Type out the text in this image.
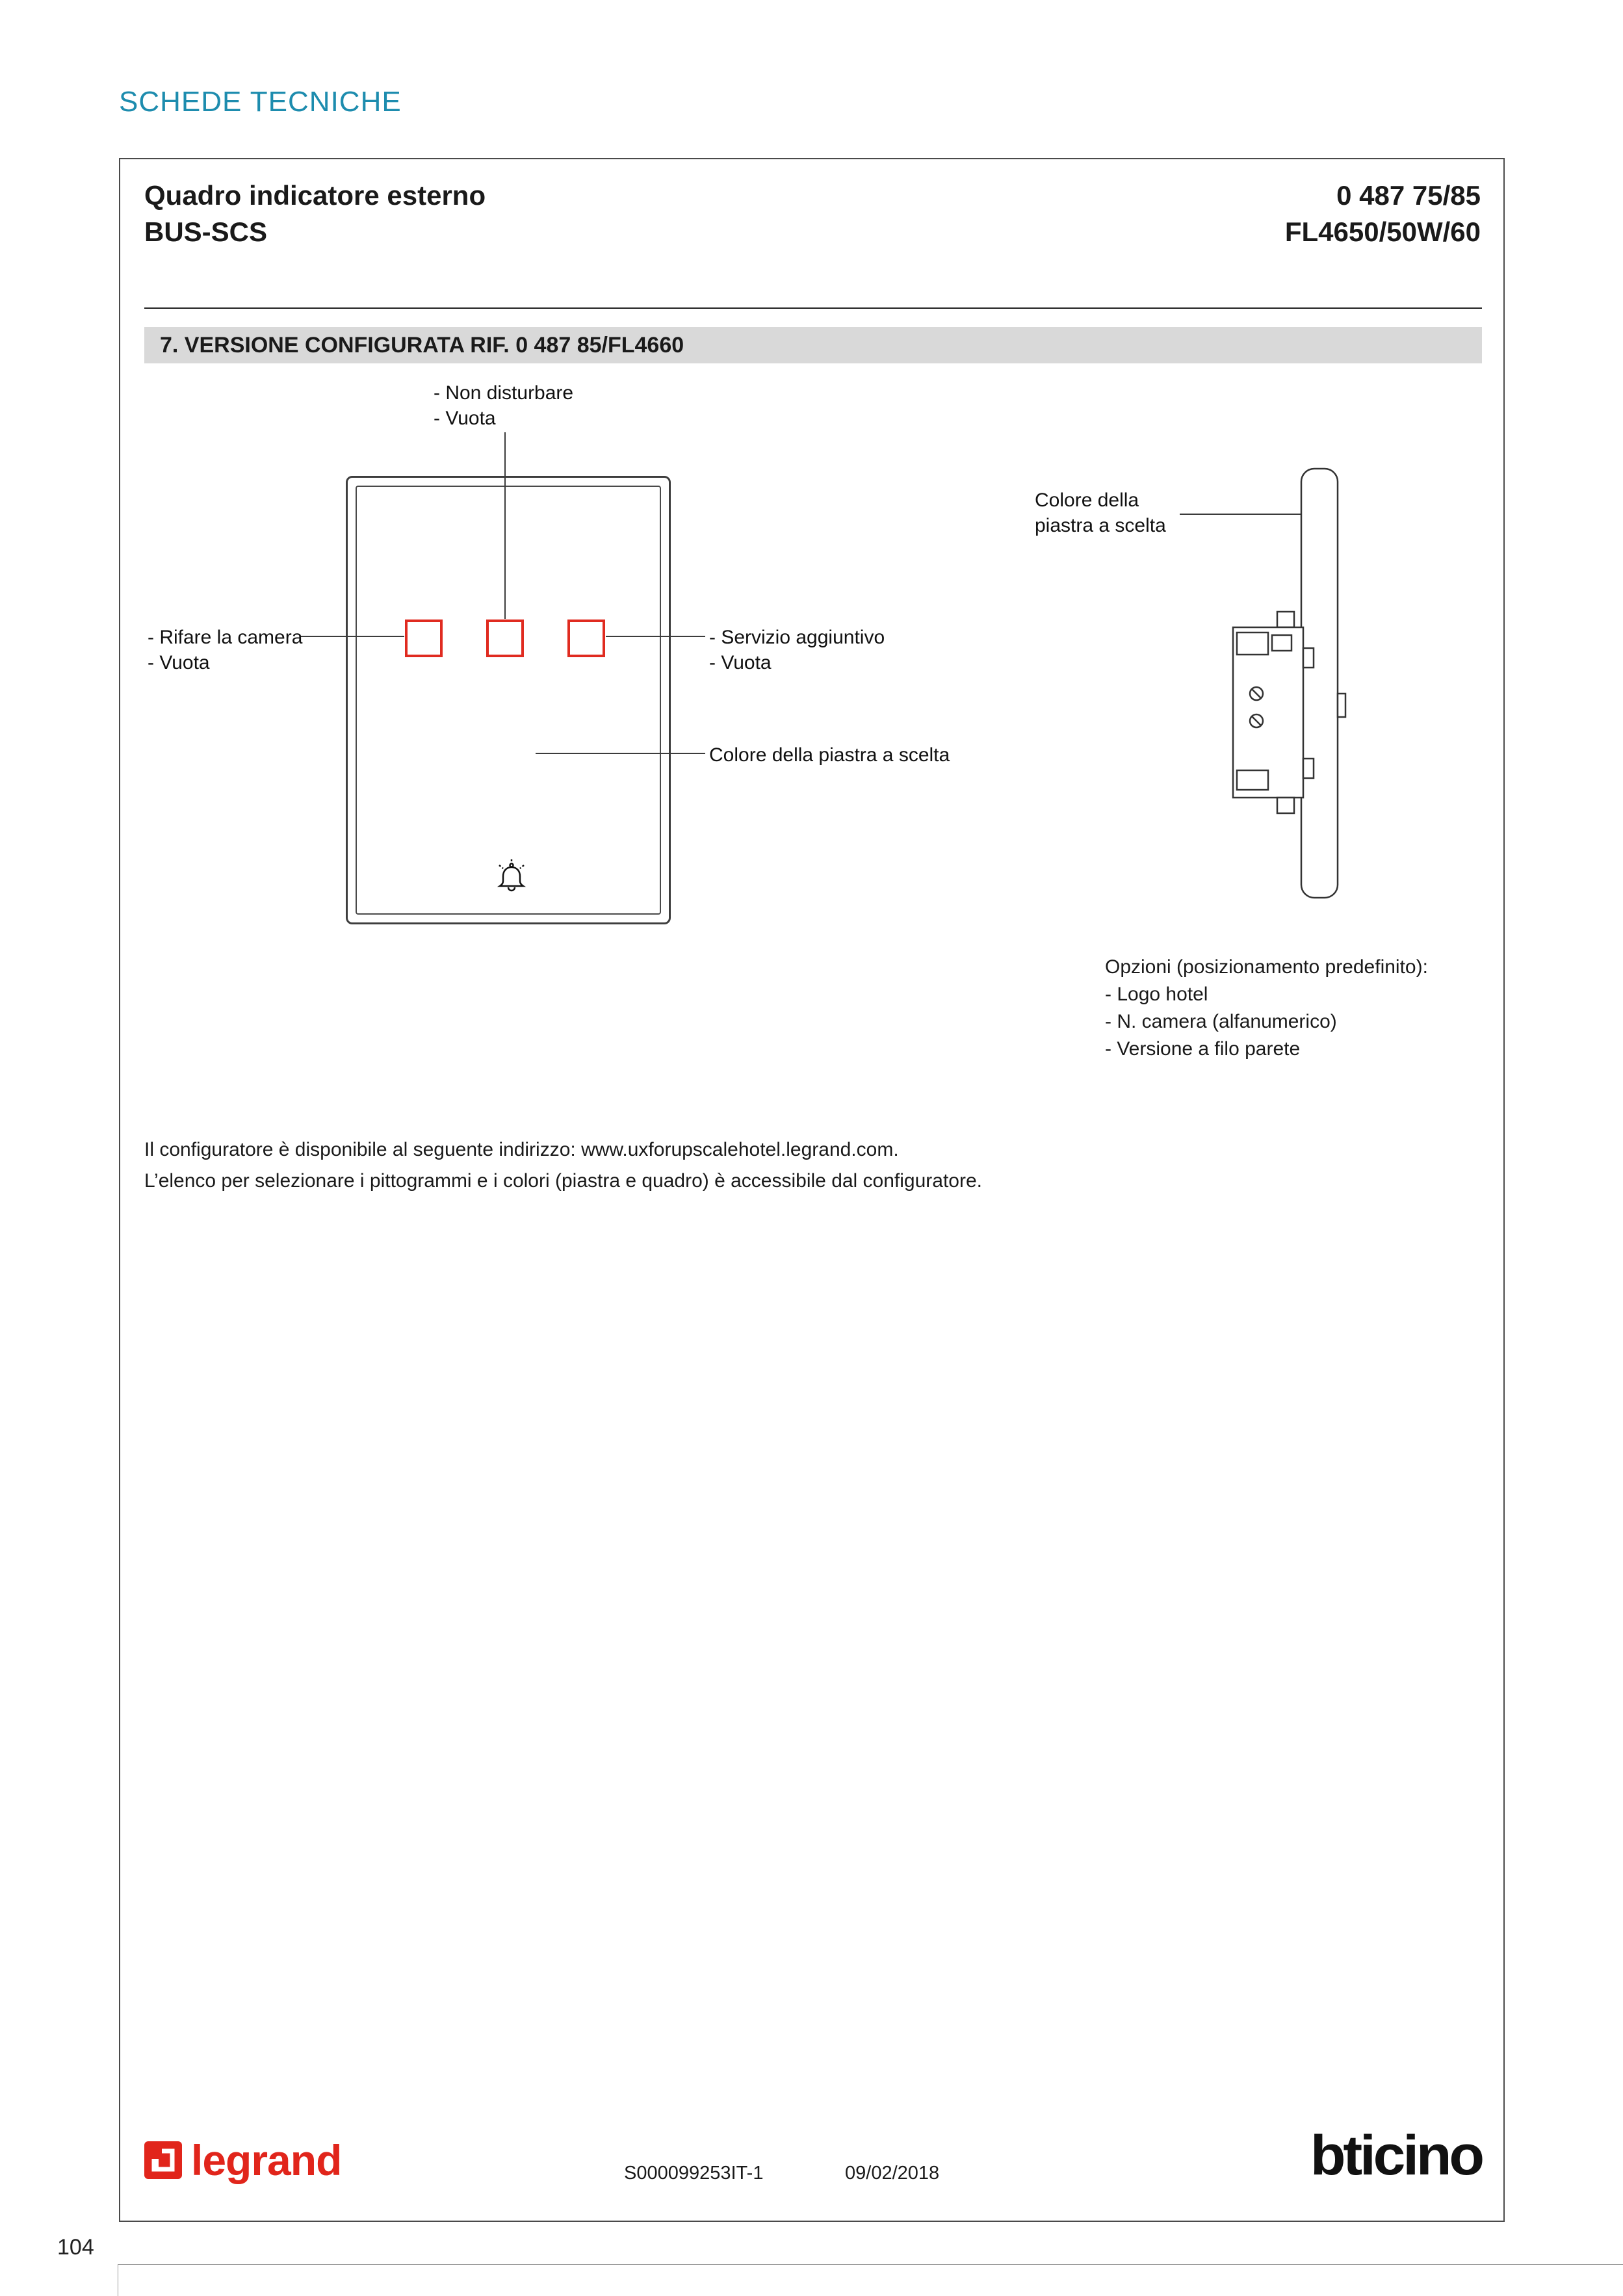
SCHEDE TECNICHE
Quadro indicatore esterno
BUS-SCS
0 487 75/85
FL4650/50W/60
7. VERSIONE CONFIGURATA RIF. 0 487 85/FL4660
- Non disturbare
- Vuota
- Rifare la camera
- Vuota
- Servizio aggiuntivo
- Vuota
Colore della piastra a scelta
Colore della
piastra a scelta
Opzioni (posizionamento predefinito):
- Logo hotel
- N. camera (alfanumerico)
- Versione a filo parete
Il configuratore è disponibile al seguente indirizzo: www.uxforupscalehotel.legrand.com.
L’elenco per selezionare i pittogrammi e i colori (piastra e quadro) è accessibile dal configuratore.
legrand	S000099253IT-1	09/02/2018	bticino
104
